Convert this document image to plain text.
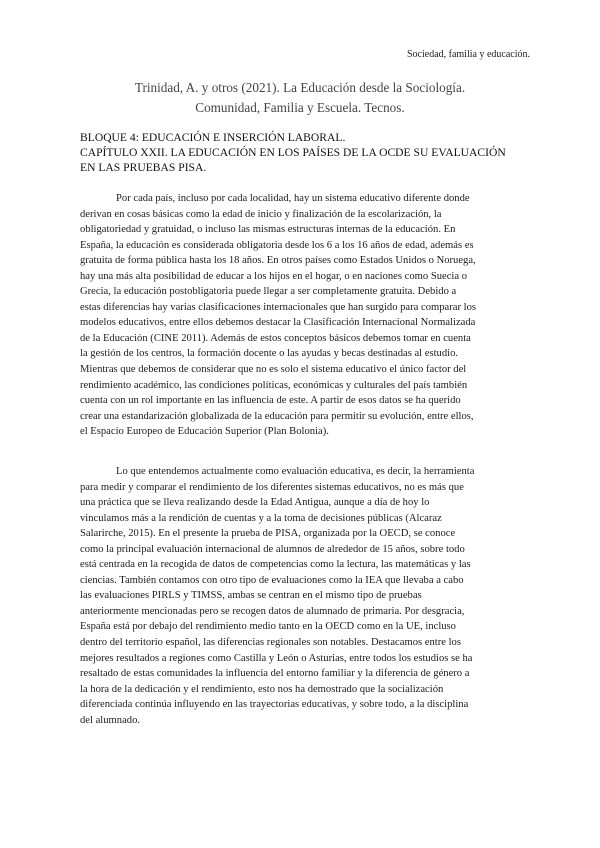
Sociedad, familia y educación.
Trinidad, A. y otros (2021). La Educación desde la Sociología.
Comunidad, Familia y Escuela. Tecnos.
BLOQUE 4: EDUCACIÓN E INSERCIÓN LABORAL.
CAPÍTULO XXII. LA EDUCACIÓN EN LOS PAÍSES DE LA OCDE SU EVALUACIÓN
EN LAS PRUEBAS PISA.
Por cada país, incluso por cada localidad, hay un sistema educativo diferente donde
derivan en cosas básicas como la edad de inicio y finalización de la escolarización, la
obligatoriedad y gratuidad, o incluso las mismas estructuras internas de la educación. En
España, la educación es considerada obligatoria desde los 6 a los 16 años de edad, además es
gratuita de forma pública hasta los 18 años. En otros países como Estados Unidos o Noruega,
hay una más alta posibilidad de educar a los hijos en el hogar, o en naciones como Suecia o
Grecia, la educación postobligatoria puede llegar a ser completamente gratuita. Debido a
estas diferencias hay varias clasificaciones internacionales que han surgido para comparar los
modelos educativos, entre ellos debemos destacar la Clasificación Internacional Normalizada
de la Educación (CINE 2011). Además de estos conceptos básicos debemos tomar en cuenta
la gestión de los centros, la formación docente o las ayudas y becas destinadas al estudio.
Mientras que debemos de considerar que no es solo el sistema educativo el único factor del
rendimiento académico, las condiciones políticas, económicas y culturales del país también
cuenta con un rol importante en las influencia de este. A partir de esos datos se ha querido
crear una estandarización globalizada de la educación para permitir su evolución, entre ellos,
el Espacio Europeo de Educación Superior (Plan Bolonia).
Lo que entendemos actualmente como evaluación educativa, es decir, la herramienta
para medir y comparar el rendimiento de los diferentes sistemas educativos, no es más que
una práctica que se lleva realizando desde la Edad Antigua, aunque a día de hoy lo
vinculamos más a la rendición de cuentas y a la toma de decisiones públicas (Alcaraz
Salarirche, 2015). En el presente la prueba de PISA, organizada por la OECD, se conoce
como la principal evaluación internacional de alumnos de alrededor de 15 años, sobre todo
está centrada en la recogida de datos de competencias como la lectura, las matemáticas y las
ciencias. También contamos con otro tipo de evaluaciones como la IEA que llevaba a cabo
las evaluaciones PIRLS y TIMSS, ambas se centran en el mismo tipo de pruebas
anteriormente mencionadas pero se recogen datos de alumnado de primaria. Por desgracia,
España está por debajo del rendimiento medio tanto en la OECD como en la UE, incluso
dentro del territorio español, las diferencias regionales son notables. Destacamos entre los
mejores resultados a regiones como Castilla y León o Asturias, entre todos los estudios se ha
resaltado de estas comunidades la influencia del entorno familiar y la diferencia de género a
la hora de la dedicación y el rendimiento, esto nos ha demostrado que la socialización
diferenciada continúa influyendo en las trayectorias educativas, y sobre todo, a la disciplina
del alumnado.
